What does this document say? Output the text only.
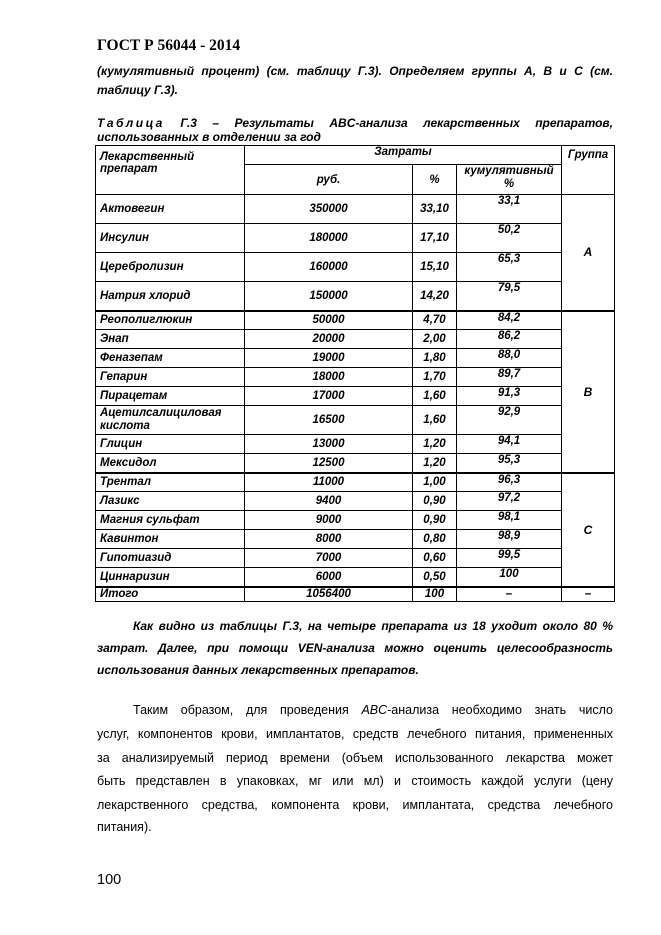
ГОСТ Р 56044 - 2014
(кумулятивный процент) (см. таблицу Г.3). Определяем группы А, В и С (см.
таблицу Г.3).
Таблица Г.3 – Результаты ABC-анализа лекарственных препаратов,
использованных в отделении за год
Лекарственный препарат	Затраты			Группа
	руб.	%	кумулятивный %	
Актовегин	350000	33,10	33,1	А
Инсулин	180000	17,10	50,2	
Церебролизин	160000	15,10	65,3	
Натрия хлорид	150000	14,20	79,5	
Реополиглюкин	50000	4,70	84,2	В
Энап	20000	2,00	86,2	
Феназепам	19000	1,80	88,0	
Гепарин	18000	1,70	89,7	
Пирацетам	17000	1,60	91,3	
Ацетилсалициловая кислота	16500	1,60	92,9	
Глицин	13000	1,20	94,1	
Мексидол	12500	1,20	95,3	
Трентал	11000	1,00	96,3	С
Лазикс	9400	0,90	97,2	
Магния сульфат	9000	0,90	98,1	
Кавинтон	8000	0,80	98,9	
Гипотиазид	7000	0,60	99,5	
Циннаризин	6000	0,50	100	
Итого	1056400	100	–	–
Как видно из таблицы Г.3, на четыре препарата из 18 уходит около 80 %
затрат. Далее, при помощи VEN-анализа можно оценить целесообразность
использования данных лекарственных препаратов.
Таким образом, для проведения ABC-анализа необходимо знать число
услуг, компонентов крови, имплантатов, средств лечебного питания, примененных
за анализируемый период времени (объем использованного лекарства может
быть представлен в упаковках, мг или мл) и стоимость каждой услуги (цену
лекарственного средства, компонента крови, имплантата, средства лечебного
питания).
100
